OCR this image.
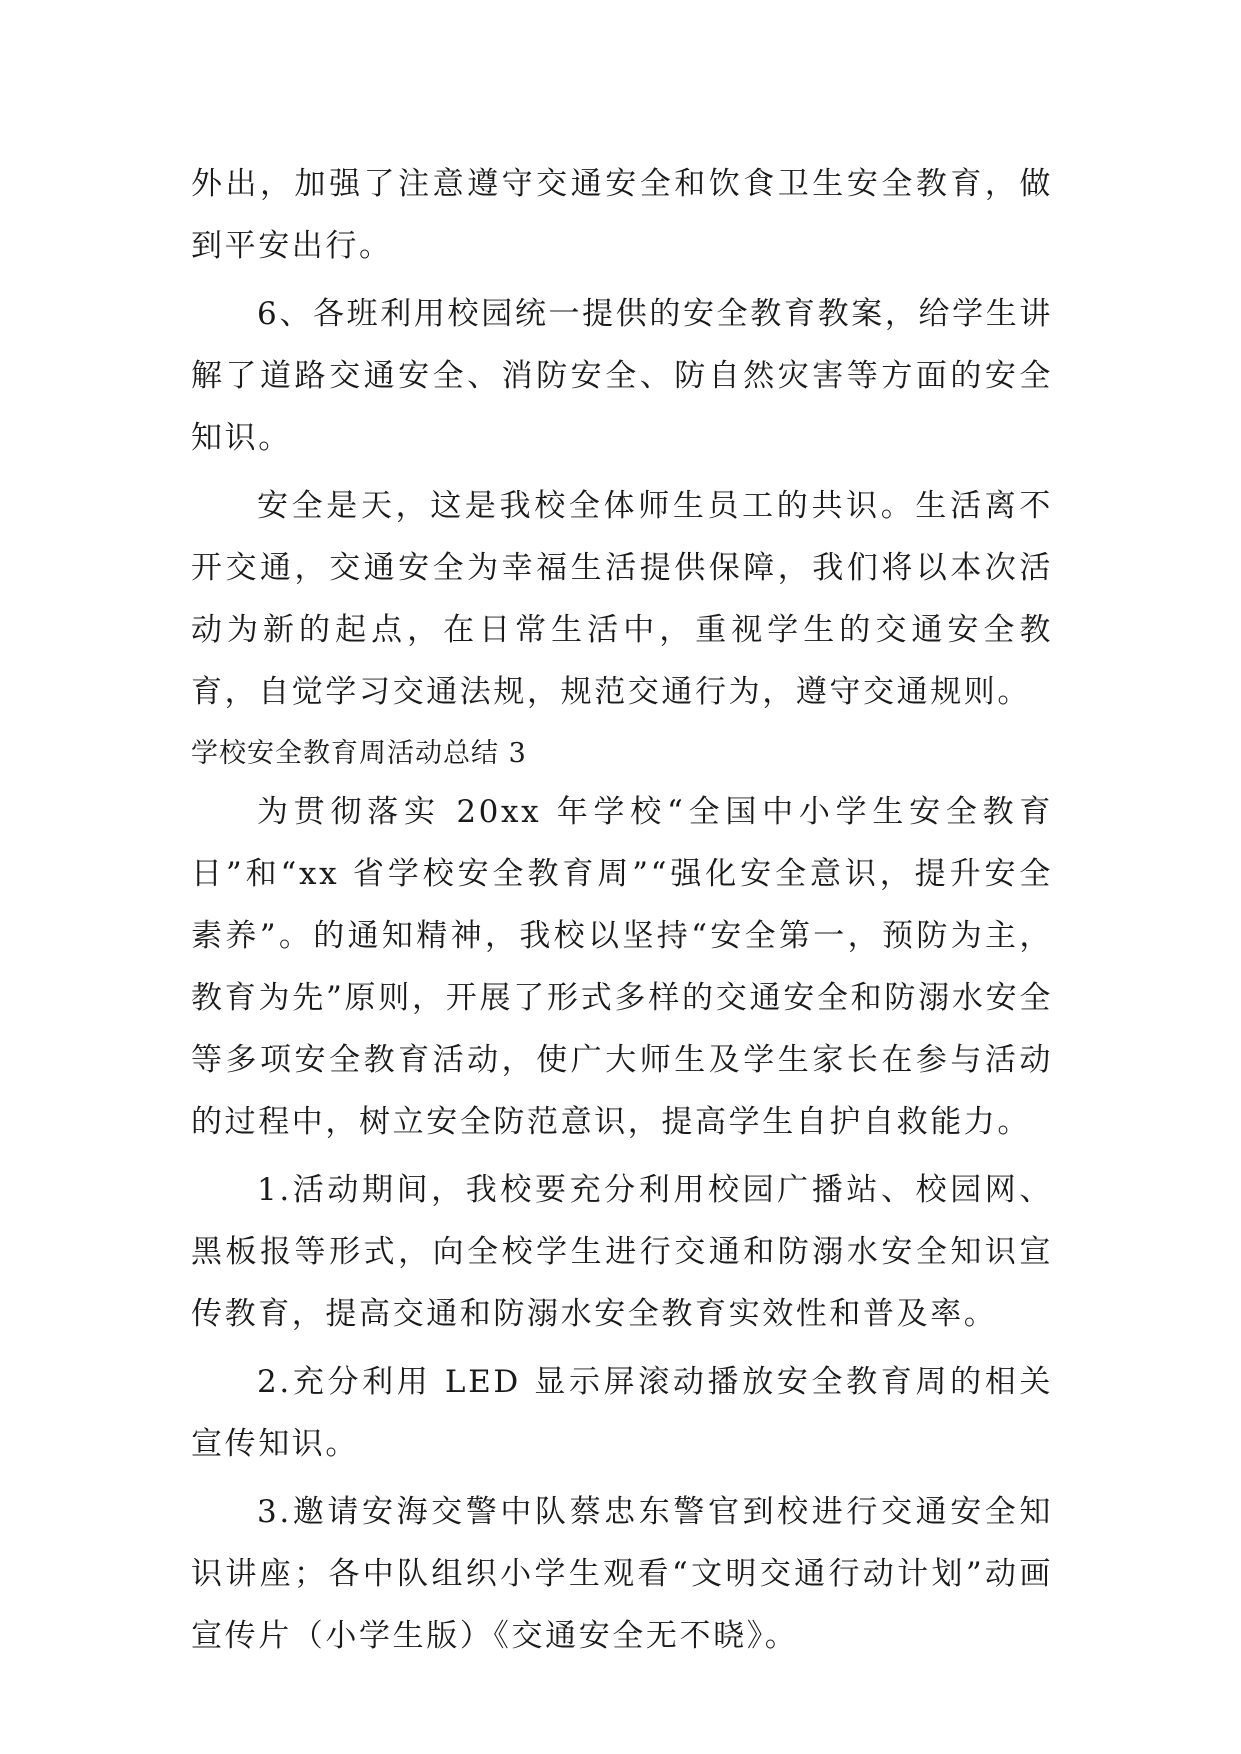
外出，加强了注意遵守交通安全和饮食卫生安全教育，做到平安出行。

6、各班利用校园统一提供的安全教育教案，给学生讲解了道路交通安全、消防安全、防自然灾害等方面的安全知识。

安全是天，这是我校全体师生员工的共识。生活离不开交通，交通安全为幸福生活提供保障，我们将以本次活动为新的起点，在日常生活中，重视学生的交通安全教育，自觉学习交通法规，规范交通行为，遵守交通规则。

学校安全教育周活动总结 3

为贯彻落实 20xx 年学校“全国中小学生安全教育日”和“xx 省学校安全教育周”“强化安全意识，提升安全素养”。的通知精神，我校以坚持“安全第一，预防为主，教育为先”原则，开展了形式多样的交通安全和防溺水安全等多项安全教育活动，使广大师生及学生家长在参与活动的过程中，树立安全防范意识，提高学生自护自救能力。

1.活动期间，我校要充分利用校园广播站、校园网、黑板报等形式，向全校学生进行交通和防溺水安全知识宣传教育，提高交通和防溺水安全教育实效性和普及率。

2.充分利用 LED 显示屏滚动播放安全教育周的相关宣传知识。

3.邀请安海交警中队蔡忠东警官到校进行交通安全知识讲座；各中队组织小学生观看“文明交通行动计划”动画宣传片（小学生版）《交通安全无不晓》。
